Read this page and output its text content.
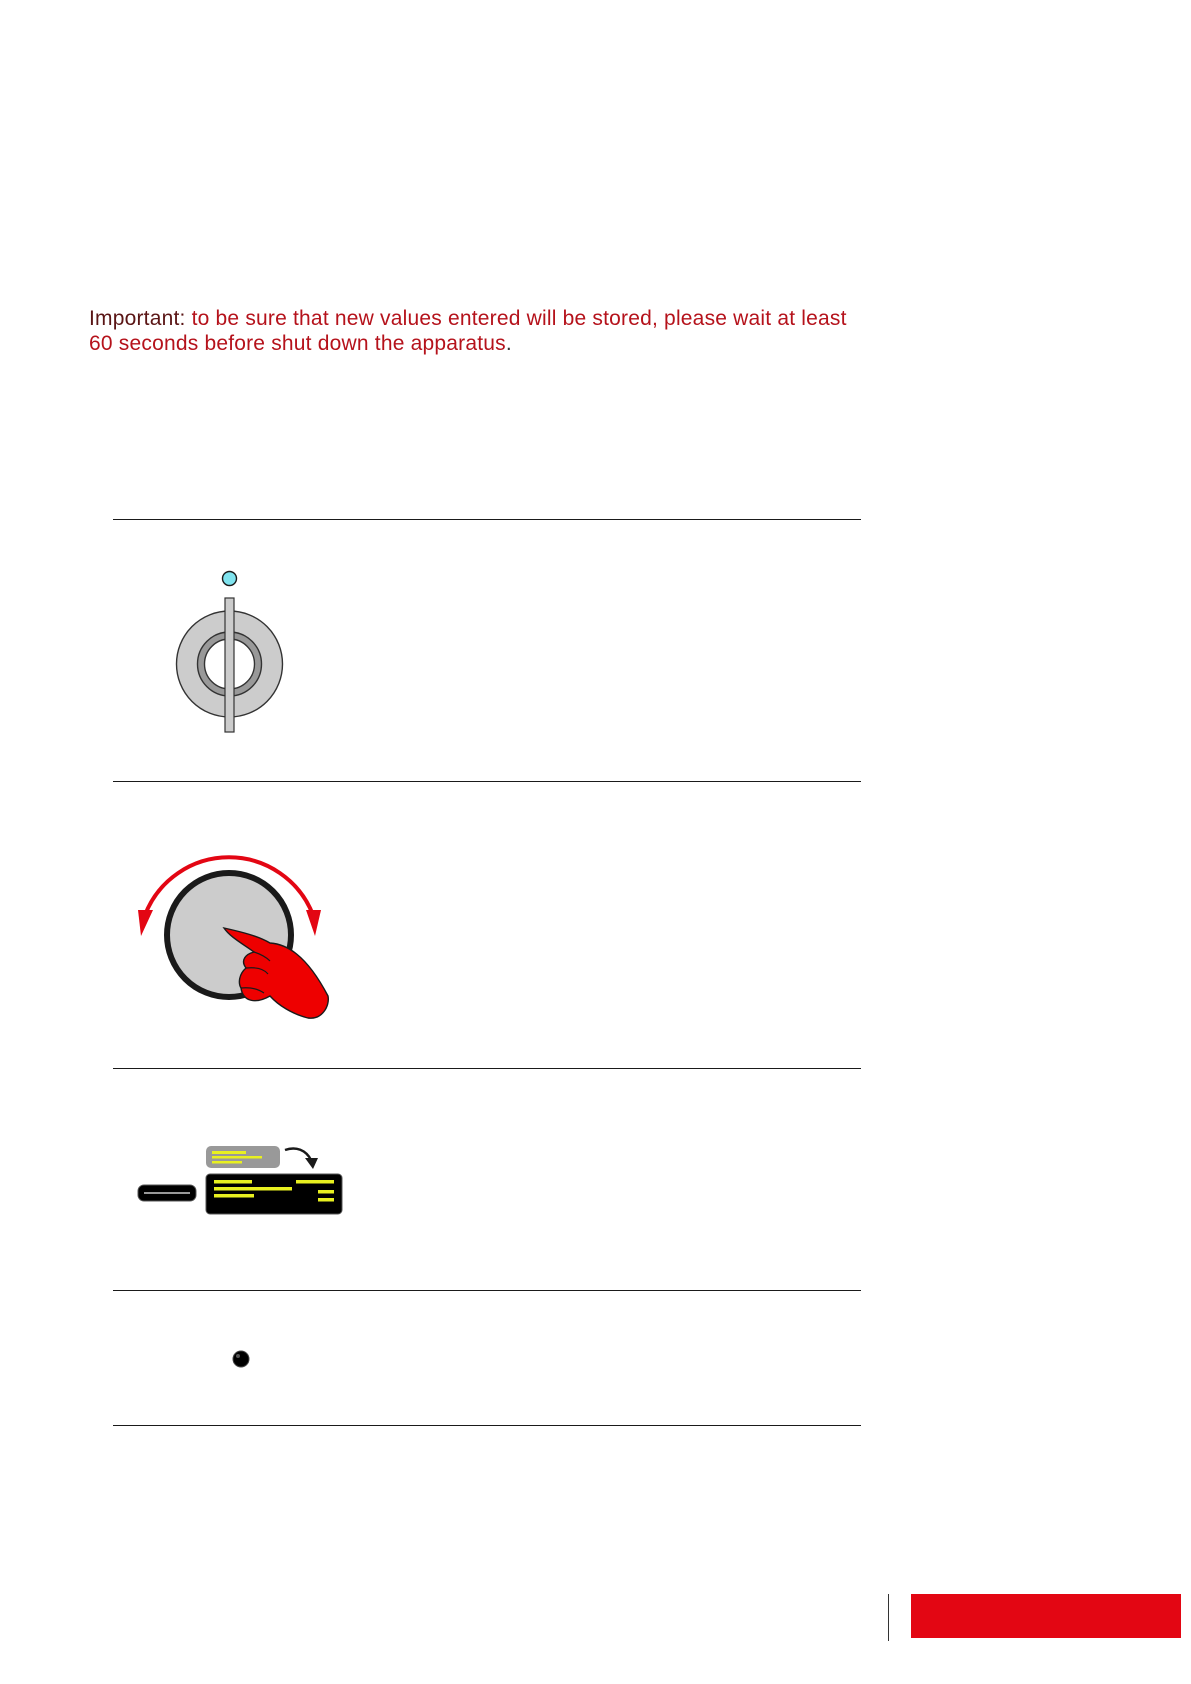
Important: to be sure that new values entered will be stored, please wait at least
60 seconds before shut down the apparatus.
